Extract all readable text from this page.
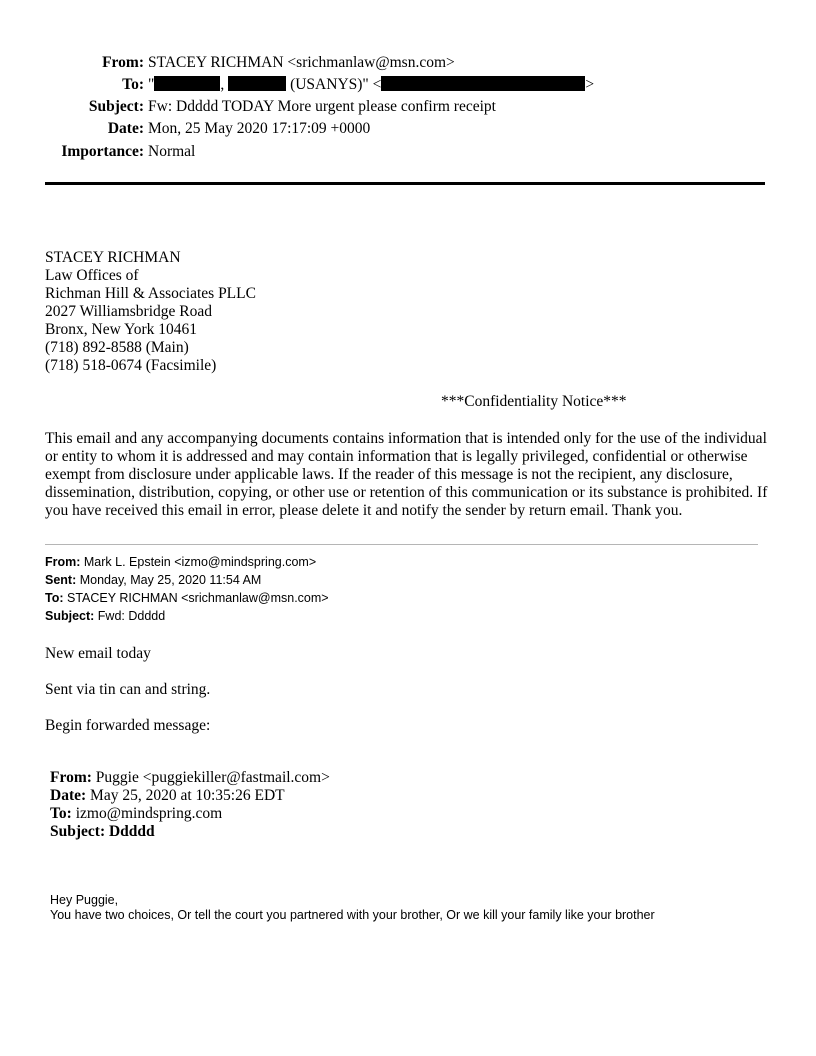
From: STACEY RICHMAN <srichmanlaw@msn.com>
To: "	,	(USANYS)" <	>
Subject: Fw: Ddddd TODAY More urgent please confirm receipt
Date: Mon, 25 May 2020 17:17:09 +0000
Importance: Normal
STACEY RICHMAN
Law Offices of
Richman Hill & Associates PLLC
2027 Williamsbridge Road
Bronx, New York 10461
(718) 892-8588 (Main)
(718) 518-0674 (Facsimile)
***Confidentiality Notice***
This email and any accompanying documents contains information that is intended only for the use of the individual or entity to whom it is addressed and may contain information that is legally privileged, confidential or otherwise exempt from disclosure under applicable laws. If the reader of this message is not the recipient, any disclosure, dissemination, distribution, copying, or other use or retention of this communication or its substance is prohibited. If you have received this email in error, please delete it and notify the sender by return email. Thank you.
From: Mark L. Epstein <izmo@mindspring.com>
Sent: Monday, May 25, 2020 11:54 AM
To: STACEY RICHMAN <srichmanlaw@msn.com>
Subject: Fwd: Ddddd
New email today
Sent via tin can and string.
Begin forwarded message:
From: Puggie <puggiekiller@fastmail.com>
Date: May 25, 2020 at 10:35:26 EDT
To: izmo@mindspring.com
Subject: Ddddd
Hey Puggie,
You have two choices, Or tell the court you partnered with your brother, Or we kill your family like your brother
